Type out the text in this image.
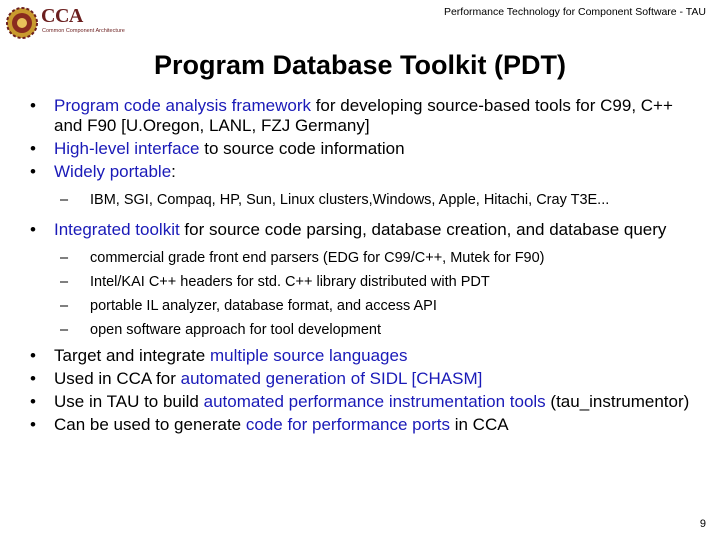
CCA
Common Component Architecture
Performance Technology for Component Software - TAU
Program Database Toolkit (PDT)
• Program code analysis framework for developing source-based tools for C99, C++ and F90 [U.Oregon, LANL, FZJ Germany]
• High-level interface to source code information
• Widely portable:
– IBM, SGI, Compaq, HP, Sun, Linux clusters,Windows, Apple, Hitachi, Cray T3E...
• Integrated toolkit for source code parsing, database creation, and database query
– commercial grade front end parsers (EDG for C99/C++, Mutek for F90)
– Intel/KAI C++ headers for std. C++ library distributed with PDT
– portable IL analyzer, database format, and access API
– open software approach for tool development
• Target and integrate multiple source languages
• Used in CCA for automated generation of SIDL [CHASM]
• Use in TAU to build automated performance instrumentation tools (tau_instrumentor)
• Can be used to generate code for performance ports in CCA
9
